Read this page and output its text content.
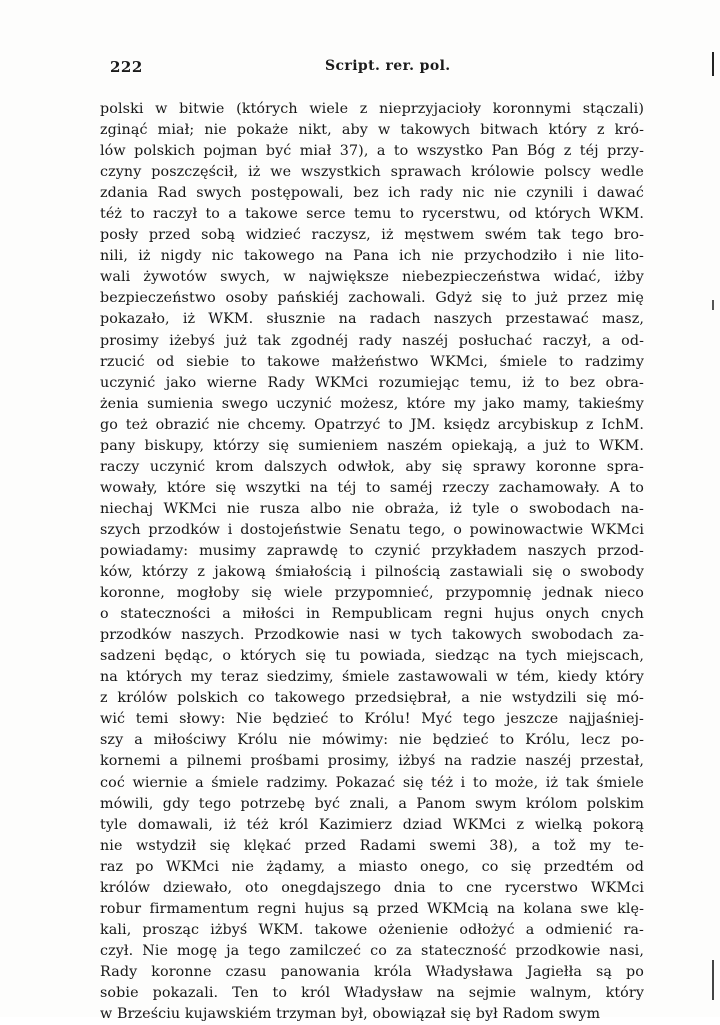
222	Script. rer. pol.
polski w bitwie (których wiele z nieprzyjacioły koronnymi stączali)
zginąć miał; nie pokaże nikt, aby w takowych bitwach który z kró-
lów polskich pojman być miał 37), a to wszystko Pan Bóg z téj przy-
czyny poszczęścił, iż we wszystkich sprawach królowie polscy wedle
zdania Rad swych postępowali, bez ich rady nic nie czynili i dawać
téż to raczył to a takowe serce temu to rycerstwu, od których WKM.
posły przed sobą widzieć raczysz, iż męstwem swém tak tego bro-
nili, iż nigdy nic takowego na Pana ich nie przychodziło i nie lito-
wali żywotów swych, w największe niebezpieczeństwa widać, iżby
bezpieczeństwo osoby pańskiéj zachowali. Gdyż się to już przez mię
pokazało, iż WKM. słusznie na radach naszych przestawać masz,
prosimy iżebyś już tak zgodnéj rady naszéj posłuchać raczył, a od-
rzucić od siebie to takowe małżeństwo WKMci, śmiele to radzimy
uczynić jako wierne Rady WKMci rozumiejąc temu, iż to bez obra-
żenia sumienia swego uczynić możesz, które my jako mamy, takieśmy
go też obrazić nie chcemy. Opatrzyć to JM. księdz arcybiskup z IchM.
pany biskupy, którzy się sumieniem naszém opiekają, a już to WKM.
raczy uczynić krom dalszych odwłok, aby się sprawy koronne spra-
wowały, które się wszytki na téj to saméj rzeczy zachamowały. A to
niechaj WKMci nie rusza albo nie obraża, iż tyle o swobodach na-
szych przodków i dostojeństwie Senatu tego, o powinowactwie WKMci
powiadamy: musimy zaprawdę to czynić przykładem naszych przod-
ków, którzy z jakową śmiałością i pilnością zastawiali się o swobody
koronne, mogłoby się wiele przypomnieć, przypomnię jednak nieco
o stateczności a miłości in Rempublicam regni hujus onych cnych
przodków naszych. Przodkowie nasi w tych takowych swobodach za-
sadzeni będąc, o których się tu powiada, siedząc na tych miejscach,
na których my teraz siedzimy, śmiele zastawowali w tém, kiedy który
z królów polskich co takowego przedsiębrał, a nie wstydzili się mó-
wić temi słowy: Nie będzieć to Królu! Myć tego jeszcze najjaśniej-
szy a miłościwy Królu nie mówimy: nie będzieć to Królu, lecz po-
kornemi a pilnemi prośbami prosimy, iżbyś na radzie naszéj przestał,
coć wiernie a śmiele radzimy. Pokazać się téż i to może, iż tak śmiele
mówili, gdy tego potrzebę być znali, a Panom swym królom polskim
tyle domawali, iż téż król Kazimierz dziad WKMci z wielką pokorą
nie wstydził się klękać przed Radami swemi 38), a tož my te-
raz po WKMci nie żądamy, a miasto onego, co się przedtém od
królów dziewało, oto onegdajszego dnia to cne rycerstwo WKMci
robur firmamentum regni hujus są przed WKMcią na kolana swe klę-
kali, prosząc iżbyś WKM. takowe ożenienie odłożyć a odmienić ra-
czył. Nie mogę ja tego zamilczeć co za stateczność przodkowie nasi,
Rady koronne czasu panowania króla Władysława Jagiełła są po
sobie pokazali. Ten to król Władysław na sejmie walnym, który
w Brześciu kujawskiém trzyman był, obowiązał się był Radom swym
